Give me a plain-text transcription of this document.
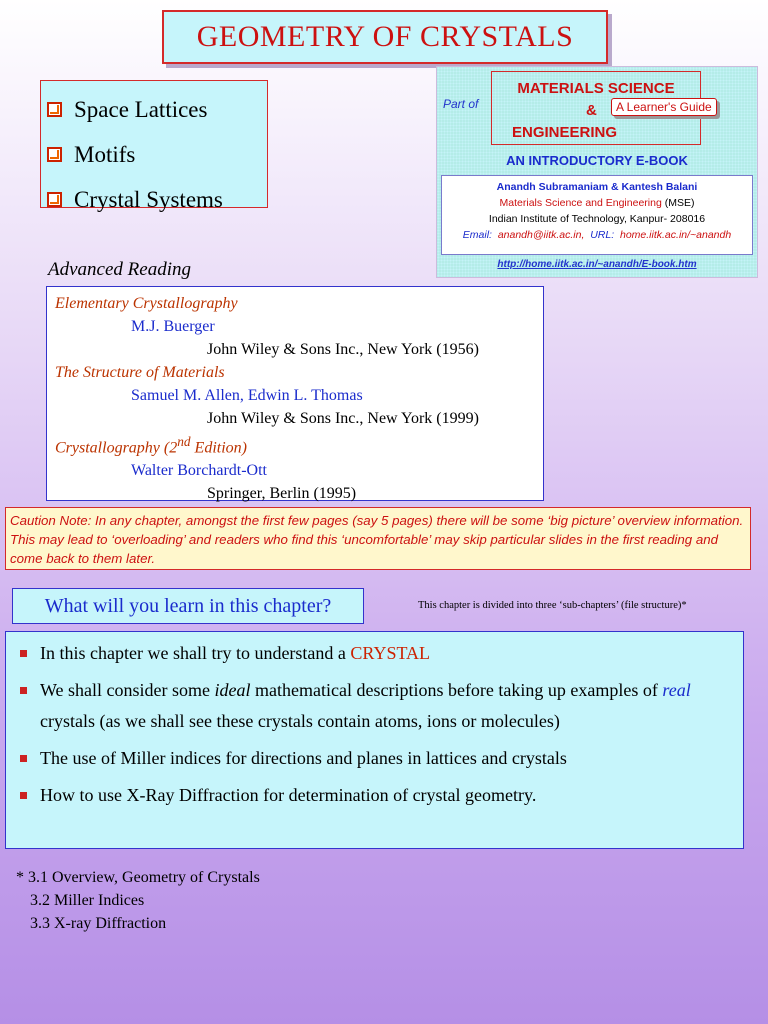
GEOMETRY OF CRYSTALS
Space Lattices
Motifs
Crystal Systems
Part of
MATERIALS SCIENCE
&
ENGINEERING
A Learner's Guide
AN INTRODUCTORY E-BOOK
Anandh Subramaniam & Kantesh Balani
Materials Science and Engineering (MSE)
Indian Institute of Technology, Kanpur- 208016
Email: anandh@iitk.ac.in, URL: home.iitk.ac.in/~anandh
http://home.iitk.ac.in/~anandh/E-book.htm
Advanced Reading
Elementary Crystallography
M.J. Buerger
John Wiley & Sons Inc., New York (1956)
The Structure of Materials
Samuel M. Allen, Edwin L. Thomas
John Wiley & Sons Inc., New York (1999)
Crystallography (2nd Edition)
Walter Borchardt-Ott
Springer, Berlin (1995)
Caution Note: In any chapter, amongst the first few pages (say 5 pages) there will be some ‘big picture’ overview information. This may lead to ‘overloading’ and readers who find this ‘uncomfortable’ may skip particular slides in the first reading and come back to them later.
What will you learn in this chapter?	This chapter is divided into three ‘sub-chapters’ (file structure)*
In this chapter we shall try to understand a CRYSTAL
We shall consider some ideal mathematical descriptions before taking up examples of real crystals (as we shall see these crystals contain atoms, ions or molecules)
The use of Miller indices for directions and planes in lattices and crystals
How to use X-Ray Diffraction for determination of crystal geometry.
* 3.1 Overview, Geometry of Crystals
3.2 Miller Indices
3.3 X-ray Diffraction
